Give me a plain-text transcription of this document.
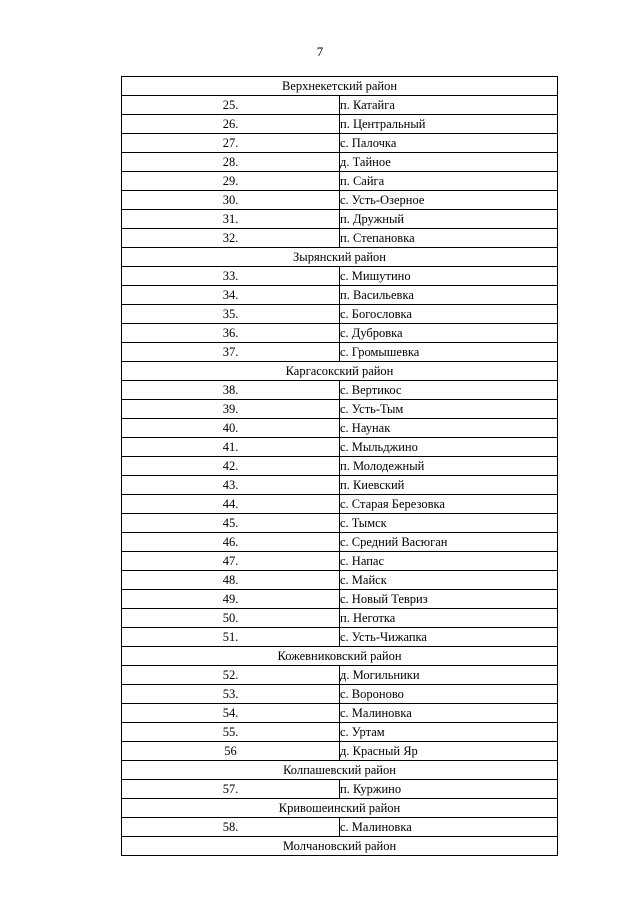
7
Верхнекетский район	
25.	п. Катайга
26.	п. Центральный
27.	с. Палочка
28.	д. Тайное
29.	п. Сайга
30.	с. Усть-Озерное
31.	п. Дружный
32.	п. Степановка
Зырянский район	
33.	с. Мишутино
34.	п. Васильевка
35.	с. Богословка
36.	с. Дубровка
37.	с. Громышевка
Каргасокский район	
38.	с. Вертикос
39.	с. Усть-Тым
40.	с. Наунак
41.	с. Мыльджино
42.	п. Молодежный
43.	п. Киевский
44.	с. Старая Березовка
45.	с. Тымск
46.	с. Средний Васюган
47.	с. Напас
48.	с. Майск
49.	с. Новый Тевриз
50.	п. Неготка
51.	с. Усть-Чижапка
Кожевниковский район	
52.	д. Могильники
53.	с. Вороново
54.	с. Малиновка
55.	с. Уртам
56	д. Красный Яр
Колпашевский район	
57.	п. Куржино
Кривошеинский район	
58.	с. Малиновка
Молчановский район	
